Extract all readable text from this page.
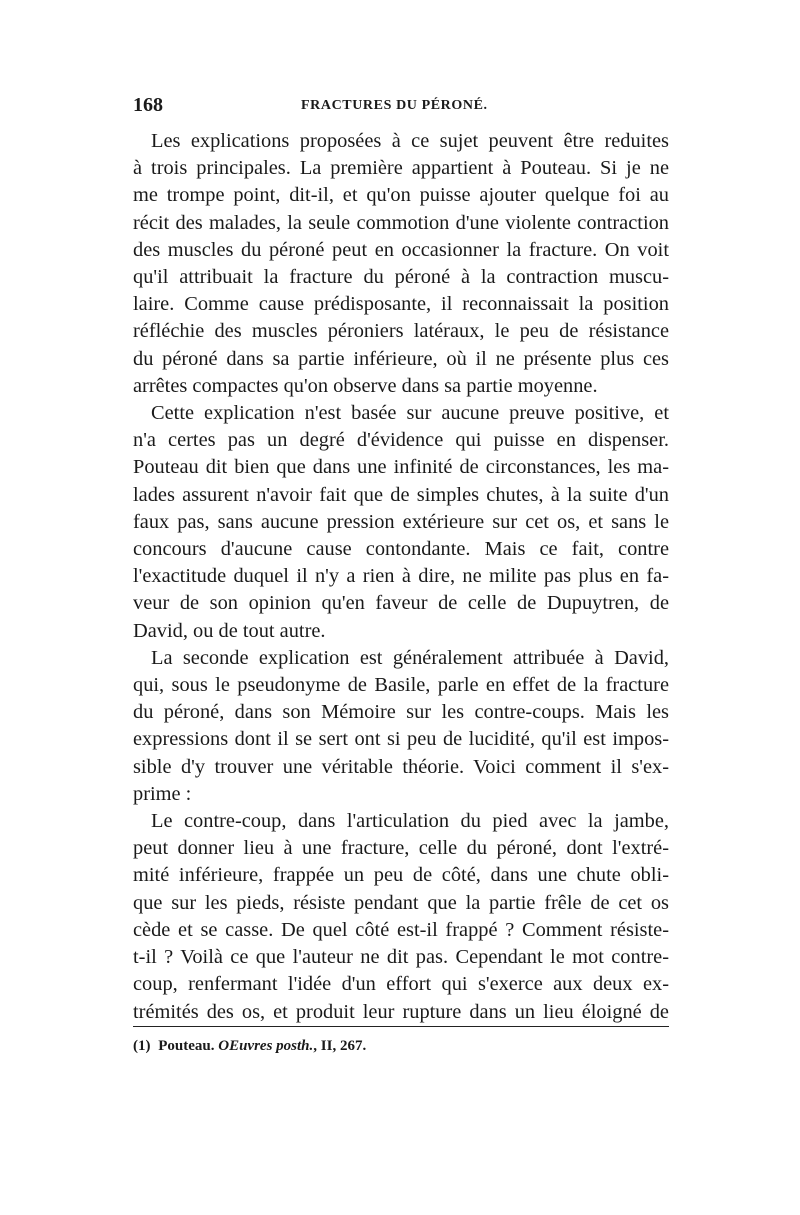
168	FRACTURES DU PÉRONÉ.
Les explications proposées à ce sujet peuvent être reduites
à trois principales. La première appartient à Pouteau. Si je ne
me trompe point, dit-il, et qu'on puisse ajouter quelque foi au
récit des malades, la seule commotion d'une violente contraction
des muscles du péroné peut en occasionner la fracture. On voit
qu'il attribuait la fracture du péroné à la contraction muscu-
laire. Comme cause prédisposante, il reconnaissait la position
réfléchie des muscles péroniers latéraux, le peu de résistance
du péroné dans sa partie inférieure, où il ne présente plus ces
arrêtes compactes qu'on observe dans sa partie moyenne.
Cette explication n'est basée sur aucune preuve positive, et
n'a certes pas un degré d'évidence qui puisse en dispenser.
Pouteau dit bien que dans une infinité de circonstances, les ma-
lades assurent n'avoir fait que de simples chutes, à la suite d'un
faux pas, sans aucune pression extérieure sur cet os, et sans le
concours d'aucune cause contondante. Mais ce fait, contre
l'exactitude duquel il n'y a rien à dire, ne milite pas plus en fa-
veur de son opinion qu'en faveur de celle de Dupuytren, de
David, ou de tout autre.
La seconde explication est généralement attribuée à David,
qui, sous le pseudonyme de Basile, parle en effet de la fracture
du péroné, dans son Mémoire sur les contre-coups. Mais les
expressions dont il se sert ont si peu de lucidité, qu'il est impos-
sible d'y trouver une véritable théorie. Voici comment il s'ex-
prime :
Le contre-coup, dans l'articulation du pied avec la jambe,
peut donner lieu à une fracture, celle du péroné, dont l'extré-
mité inférieure, frappée un peu de côté, dans une chute obli-
que sur les pieds, résiste pendant que la partie frêle de cet os
cède et se casse. De quel côté est-il frappé ? Comment résiste-
t-il ? Voilà ce que l'auteur ne dit pas. Cependant le mot contre-
coup, renfermant l'idée d'un effort qui s'exerce aux deux ex-
trémités des os, et produit leur rupture dans un lieu éloigné de
(1) Pouteau. OEuvres posth., II, 267.
